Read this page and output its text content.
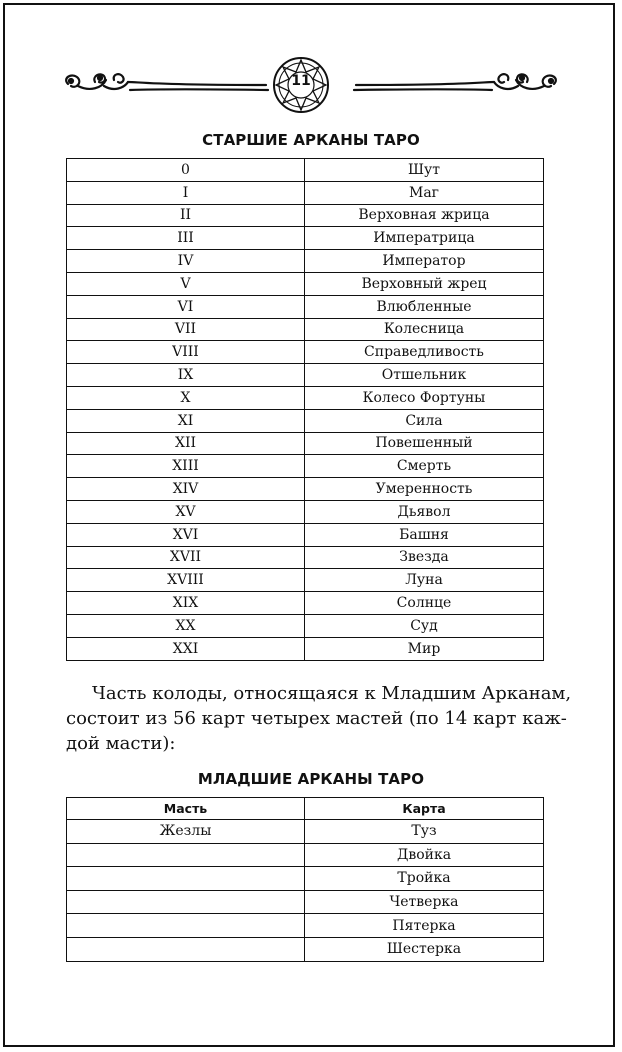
11
СТАРШИЕ АРКАНЫ ТАРО
0	Шут
I	Маг
II	Верховная жрица
III	Императрица
IV	Император
V	Верховный жрец
VI	Влюбленные
VII	Колесница
VIII	Справедливость
IX	Отшельник
X	Колесо Фортуны
XI	Сила
XII	Повешенный
XIII	Смерть
XIV	Умеренность
XV	Дьявол
XVI	Башня
XVII	Звезда
XVIII	Луна
XIX	Солнце
XX	Суд
XXI	Мир
Часть колоды, относящаяся к Младшим Арканам,
состоит из 56 карт четырех мастей (по 14 карт каж-
дой масти):
МЛАДШИЕ АРКАНЫ ТАРО
Масть	Карта
Жезлы	Туз
	Двойка
	Тройка
	Четверка
	Пятерка
	Шестерка
